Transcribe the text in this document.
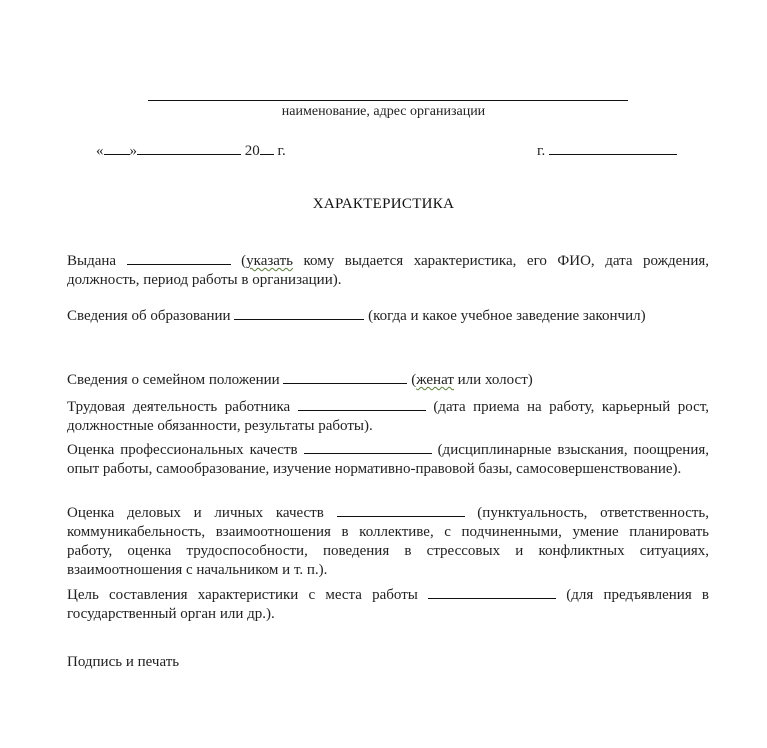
наименование, адрес организации
« »	20 г.	г.
ХАРАКТЕРИСТИКА
Выдана	(указать кому выдается характеристика, его ФИО, дата рождения, должность, период работы в организации).
Сведения об образовании	(когда и какое учебное заведение закончил)
Сведения о семейном положении	(женат или холост)
Трудовая деятельность работника	(дата приема на работу, карьерный рост, должностные обязанности, результаты работы).
Оценка профессиональных качеств	(дисциплинарные взыскания, поощрения, опыт работы, самообразование, изучение нормативно-правовой базы, самосовершенствование).
Оценка деловых и личных качеств	(пунктуальность, ответственность, коммуникабельность, взаимоотношения в коллективе, с подчиненными, умение планировать работу, оценка трудоспособности, поведения в стрессовых и конфликтных ситуациях, взаимоотношения с начальником и т. п.).
Цель составления характеристики с места работы	(для предъявления в государственный орган или др.).
Подпись и печать
